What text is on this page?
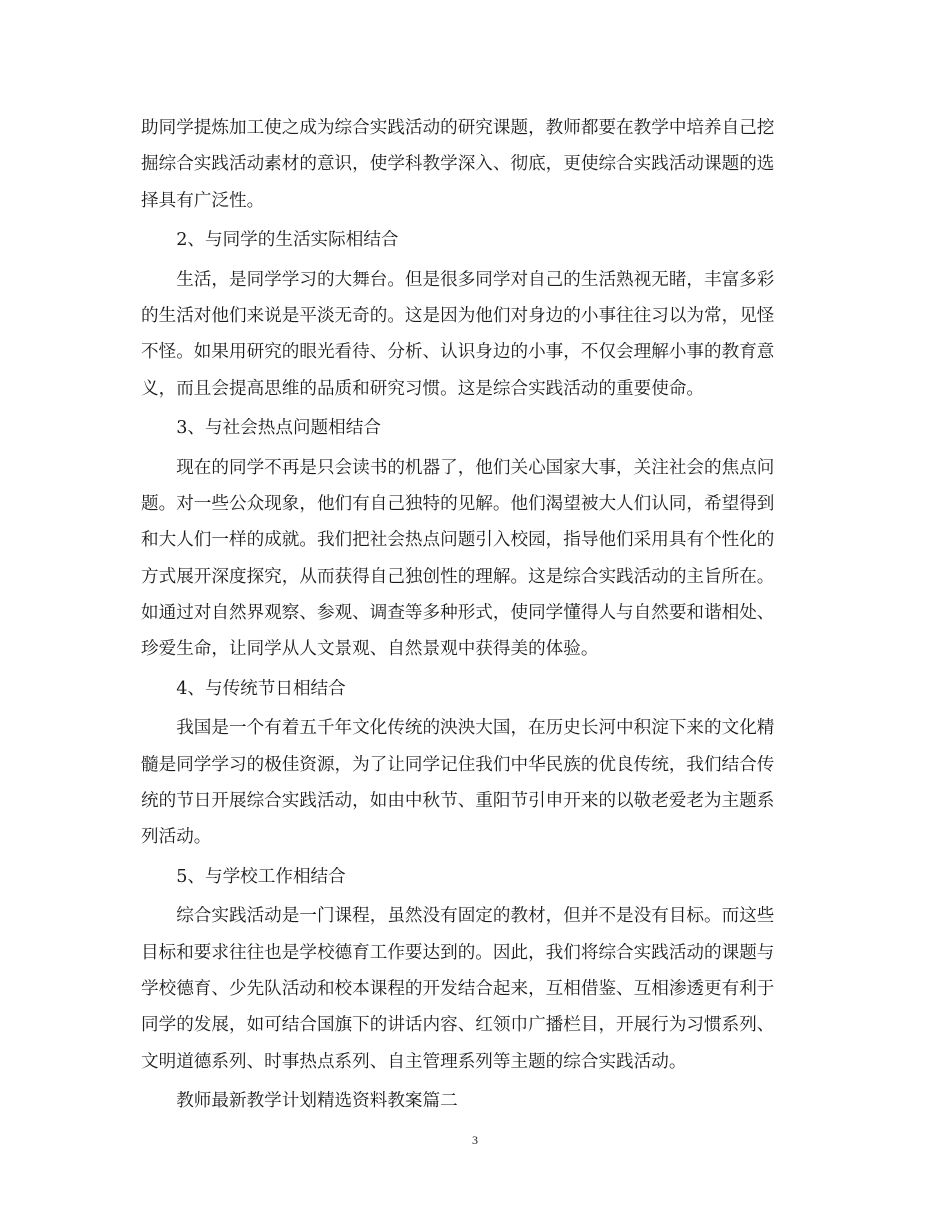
助同学提炼加工使之成为综合实践活动的研究课题，教师都要在教学中培养自己挖
掘综合实践活动素材的意识，使学科教学深入、彻底，更使综合实践活动课题的选
择具有广泛性。
2、与同学的生活实际相结合
生活，是同学学习的大舞台。但是很多同学对自己的生活熟视无睹，丰富多彩
的生活对他们来说是平淡无奇的。这是因为他们对身边的小事往往习以为常，见怪
不怪。如果用研究的眼光看待、分析、认识身边的小事，不仅会理解小事的教育意
义，而且会提高思维的品质和研究习惯。这是综合实践活动的重要使命。
3、与社会热点问题相结合
现在的同学不再是只会读书的机器了，他们关心国家大事，关注社会的焦点问
题。对一些公众现象，他们有自己独特的见解。他们渴望被大人们认同，希望得到
和大人们一样的成就。我们把社会热点问题引入校园，指导他们采用具有个性化的
方式展开深度探究，从而获得自己独创性的理解。这是综合实践活动的主旨所在。
如通过对自然界观察、参观、调查等多种形式，使同学懂得人与自然要和谐相处、
珍爱生命，让同学从人文景观、自然景观中获得美的体验。
4、与传统节日相结合
我国是一个有着五千年文化传统的泱泱大国，在历史长河中积淀下来的文化精
髓是同学学习的极佳资源，为了让同学记住我们中华民族的优良传统，我们结合传
统的节日开展综合实践活动，如由中秋节、重阳节引申开来的以敬老爱老为主题系
列活动。
5、与学校工作相结合
综合实践活动是一门课程，虽然没有固定的教材，但并不是没有目标。而这些
目标和要求往往也是学校德育工作要达到的。因此，我们将综合实践活动的课题与
学校德育、少先队活动和校本课程的开发结合起来，互相借鉴、互相渗透更有利于
同学的发展，如可结合国旗下的讲话内容、红领巾广播栏目，开展行为习惯系列、
文明道德系列、时事热点系列、自主管理系列等主题的综合实践活动。
教师最新教学计划精选资料教案篇二
3
